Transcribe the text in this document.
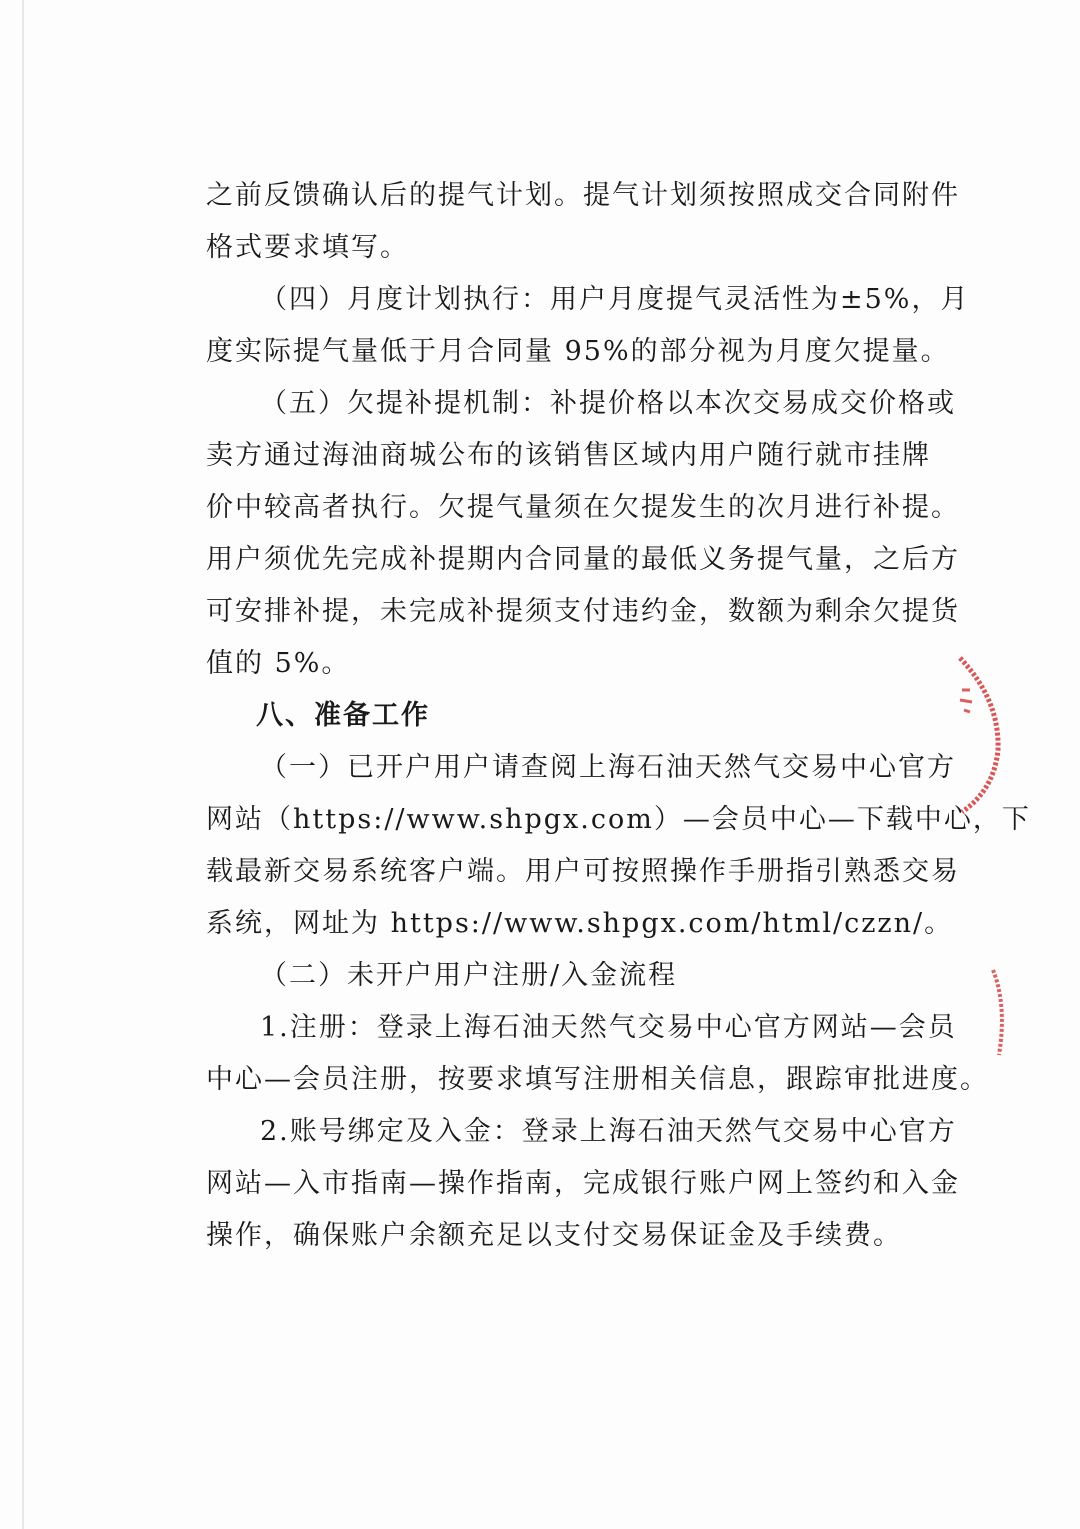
之前反馈确认后的提气计划。提气计划须按照成交合同附件
格式要求填写。
（四）月度计划执行：用户月度提气灵活性为±5%，月
度实际提气量低于月合同量 95%的部分视为月度欠提量。
（五）欠提补提机制：补提价格以本次交易成交价格或
卖方通过海油商城公布的该销售区域内用户随行就市挂牌
价中较高者执行。欠提气量须在欠提发生的次月进行补提。
用户须优先完成补提期内合同量的最低义务提气量，之后方
可安排补提，未完成补提须支付违约金，数额为剩余欠提货
值的 5%。
八、准备工作
（一）已开户用户请查阅上海石油天然气交易中心官方
网站（https://www.shpgx.com）—会员中心—下载中心，下
载最新交易系统客户端。用户可按照操作手册指引熟悉交易
系统，网址为 https://www.shpgx.com/html/czzn/。
（二）未开户用户注册/入金流程
1.注册：登录上海石油天然气交易中心官方网站—会员
中心—会员注册，按要求填写注册相关信息，跟踪审批进度。
2.账号绑定及入金：登录上海石油天然气交易中心官方
网站—入市指南—操作指南，完成银行账户网上签约和入金
操作，确保账户余额充足以支付交易保证金及手续费。
